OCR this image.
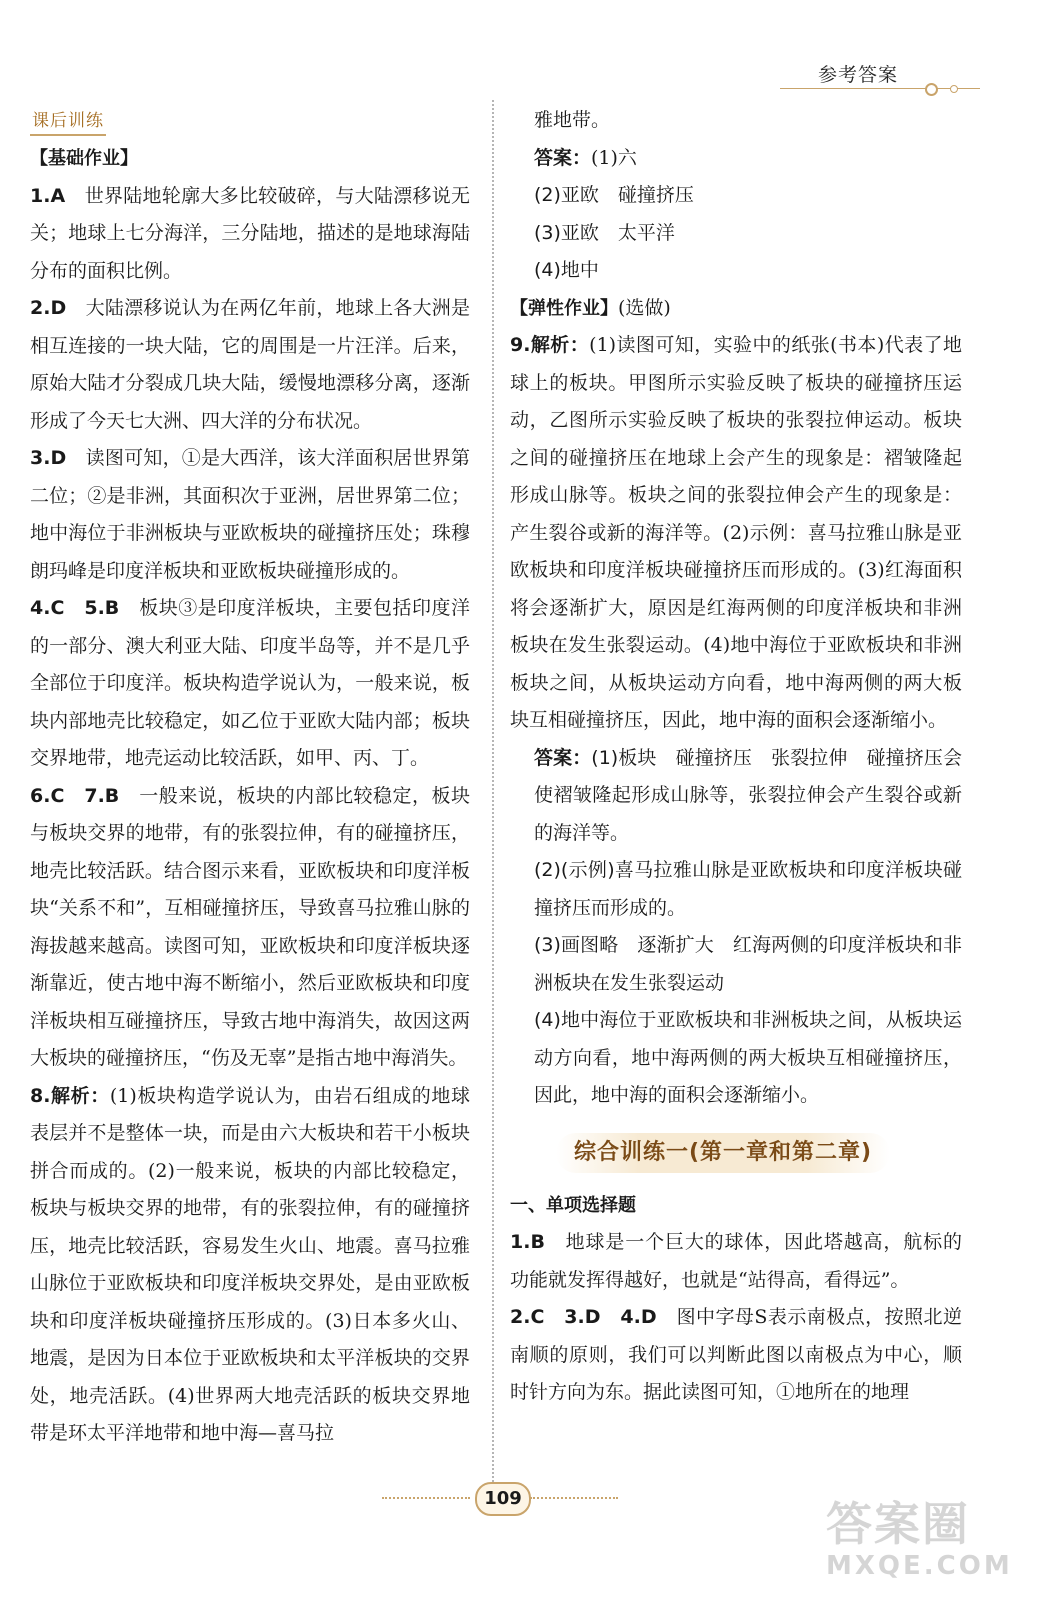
参考答案
课后训练

【基础作业】

1.A　 世界陆地轮廓大多比较破碎，与大陆漂移说无关；地球上七分海洋，三分陆地，描述的是地球海陆分布的面积比例。

2.D　 大陆漂移说认为在两亿年前，地球上各大洲是相互连接的一块大陆，它的周围是一片汪洋。后来，原始大陆才分裂成几块大陆，缓慢地漂移分离，逐渐形成了今天七大洲、四大洋的分布状况。

3.D　 读图可知，①是大西洋，该大洋面积居世界第二位；②是非洲，其面积次于亚洲，居世界第二位；地中海位于非洲板块与亚欧板块的碰撞挤压处；珠穆朗玛峰是印度洋板块和亚欧板块碰撞形成的。

4.C　5.B　 板块③是印度洋板块，主要包括印度洋的一部分、澳大利亚大陆、印度半岛等，并不是几乎全部位于印度洋。板块构造学说认为，一般来说，板块内部地壳比较稳定，如乙位于亚欧大陆内部；板块交界地带，地壳运动比较活跃，如甲、丙、丁。

6.C　7.B　 一般来说，板块的内部比较稳定，板块与板块交界的地带，有的张裂拉伸，有的碰撞挤压，地壳比较活跃。结合图示来看，亚欧板块和印度洋板块“关系不和”，互相碰撞挤压，导致喜马拉雅山脉的海拔越来越高。读图可知，亚欧板块和印度洋板块逐渐靠近，使古地中海不断缩小，然后亚欧板块和印度洋板块相互碰撞挤压，导致古地中海消失，故因这两大板块的碰撞挤压，“伤及无辜”是指古地中海消失。

8.解析：(1)板块构造学说认为，由岩石组成的地球表层并不是整体一块，而是由六大板块和若干小板块拼合而成的。(2)一般来说，板块的内部比较稳定，板块与板块交界的地带，有的张裂拉伸，有的碰撞挤压，地壳比较活跃，容易发生火山、地震。喜马拉雅山脉位于亚欧板块和印度洋板块交界处，是由亚欧板块和印度洋板块碰撞挤压形成的。(3)日本多火山、地震，是因为日本位于亚欧板块和太平洋板块的交界处，地壳活跃。(4)世界两大地壳活跃的板块交界地带是环太平洋地带和地中海—喜马拉

雅地带。

答案：(1)六

(2)亚欧　碰撞挤压

(3)亚欧　太平洋

(4)地中

【弹性作业】(选做)

9.解析：(1)读图可知，实验中的纸张(书本)代表了地球上的板块。甲图所示实验反映了板块的碰撞挤压运动，乙图所示实验反映了板块的张裂拉伸运动。板块之间的碰撞挤压在地球上会产生的现象是：褶皱隆起形成山脉等。板块之间的张裂拉伸会产生的现象是：产生裂谷或新的海洋等。(2)示例：喜马拉雅山脉是亚欧板块和印度洋板块碰撞挤压而形成的。(3)红海面积将会逐渐扩大，原因是红海两侧的印度洋板块和非洲板块在发生张裂运动。(4)地中海位于亚欧板块和非洲板块之间，从板块运动方向看，地中海两侧的两大板块互相碰撞挤压，因此，地中海的面积会逐渐缩小。

答案：(1)板块　碰撞挤压　张裂拉伸　碰撞挤压会使褶皱隆起形成山脉等，张裂拉伸会产生裂谷或新的海洋等。

(2)(示例)喜马拉雅山脉是亚欧板块和印度洋板块碰撞挤压而形成的。

(3)画图略　逐渐扩大　红海两侧的印度洋板块和非洲板块在发生张裂运动

(4)地中海位于亚欧板块和非洲板块之间，从板块运动方向看，地中海两侧的两大板块互相碰撞挤压，因此，地中海的面积会逐渐缩小。

综合训练一(第一章和第二章)

一、单项选择题

1.B　 地球是一个巨大的球体，因此塔越高，航标的功能就发挥得越好，也就是“站得高，看得远”。

2.C　3.D　4.D　 图中字母S表示南极点，按照北逆南顺的原则，我们可以判断此图以南极点为中心，顺时针方向为东。据此读图可知，①地所在的地理

109	答案圈
MXQE.COM
